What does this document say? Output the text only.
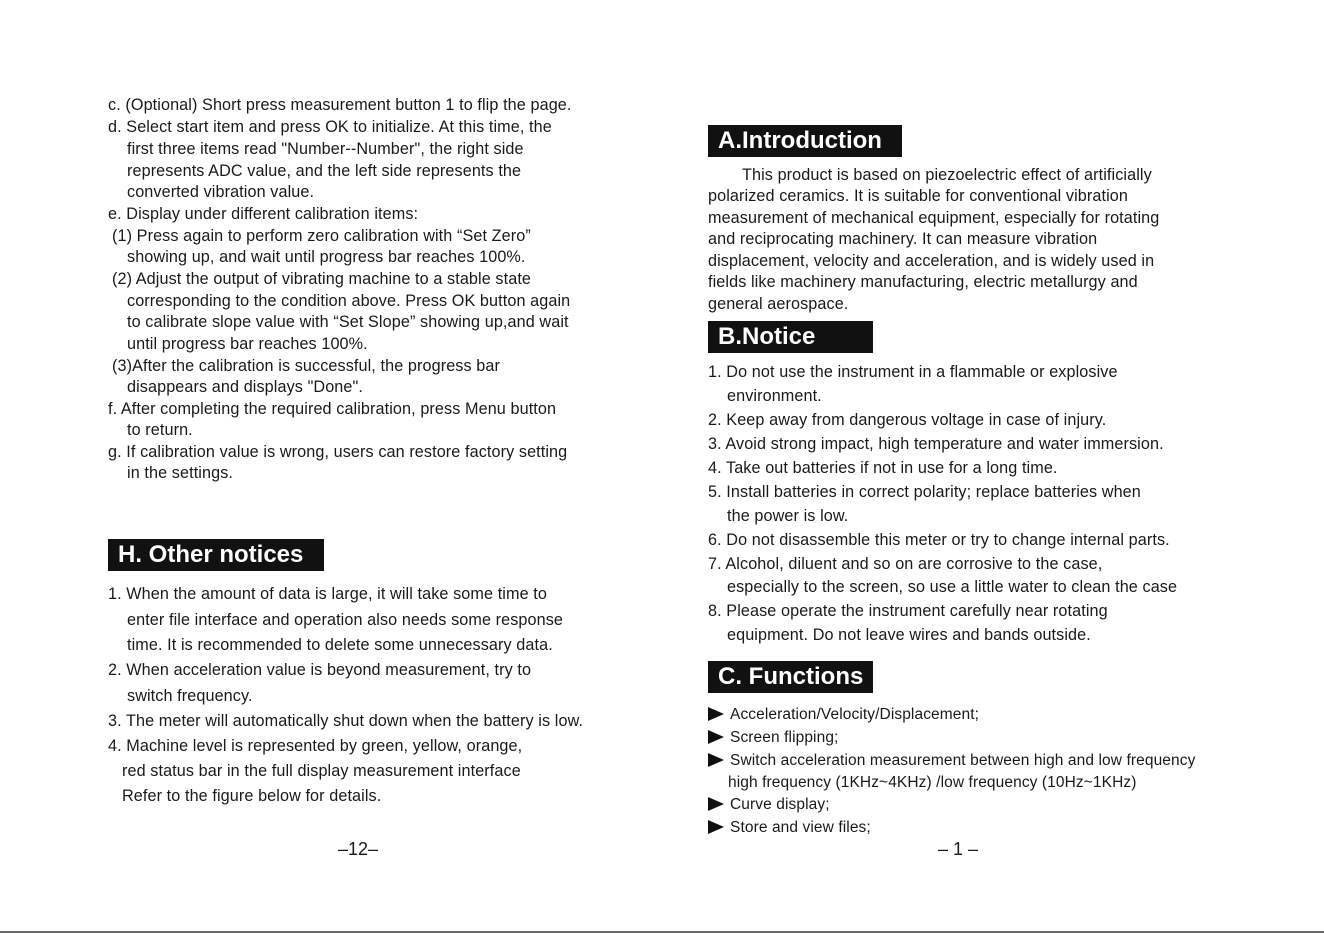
c. (Optional) Short press measurement button 1 to flip the page.
d. Select start item and press OK to initialize. At this time, the
first three items read "Number--Number", the right side
represents ADC value, and the left side represents the
converted vibration value.
e. Display under different calibration items:
(1) Press again to perform zero calibration with “Set Zero”
showing up, and wait until progress bar reaches 100%.
(2) Adjust the output of vibrating machine to a stable state
corresponding to the condition above. Press OK button again
to calibrate slope value with “Set Slope” showing up,and wait
until progress bar reaches 100%.
(3)After the calibration is successful, the progress bar
disappears and displays "Done".
f. After completing the required calibration, press Menu button
to return.
g. If calibration value is wrong, users can restore factory setting
in the settings.
H. Other notices
1. When the amount of data is large, it will take some time to
enter file interface and operation also needs some response
time. It is recommended to delete some unnecessary data.
2. When acceleration value is beyond measurement, try to
switch frequency.
3. The meter will automatically shut down when the battery is low.
4. Machine level is represented by green, yellow, orange,
red status bar in the full display measurement interface
Refer to the figure below for details.
–12–
A.Introduction
This product is based on piezoelectric effect of artificially
polarized ceramics. It is suitable for conventional vibration
measurement of mechanical equipment, especially for rotating
and reciprocating machinery. It can measure vibration
displacement, velocity and acceleration, and is widely used in
fields like machinery manufacturing, electric metallurgy and
general aerospace.
B.Notice
1. Do not use the instrument in a flammable or explosive
environment.
2. Keep away from dangerous voltage in case of injury.
3. Avoid strong impact, high temperature and water immersion.
4. Take out batteries if not in use for a long time.
5. Install batteries in correct polarity; replace batteries when
the power is low.
6. Do not disassemble this meter or try to change internal parts.
7. Alcohol, diluent and so on are corrosive to the case,
especially to the screen, so use a little water to clean the case
8. Please operate the instrument carefully near rotating
equipment. Do not leave wires and bands outside.
C. Functions
Acceleration/Velocity/Displacement;
Screen flipping;
Switch acceleration measurement between high and low frequency
high frequency (1KHz~4KHz) /low frequency (10Hz~1KHz)
Curve display;
Store and view files;
– 1 –
